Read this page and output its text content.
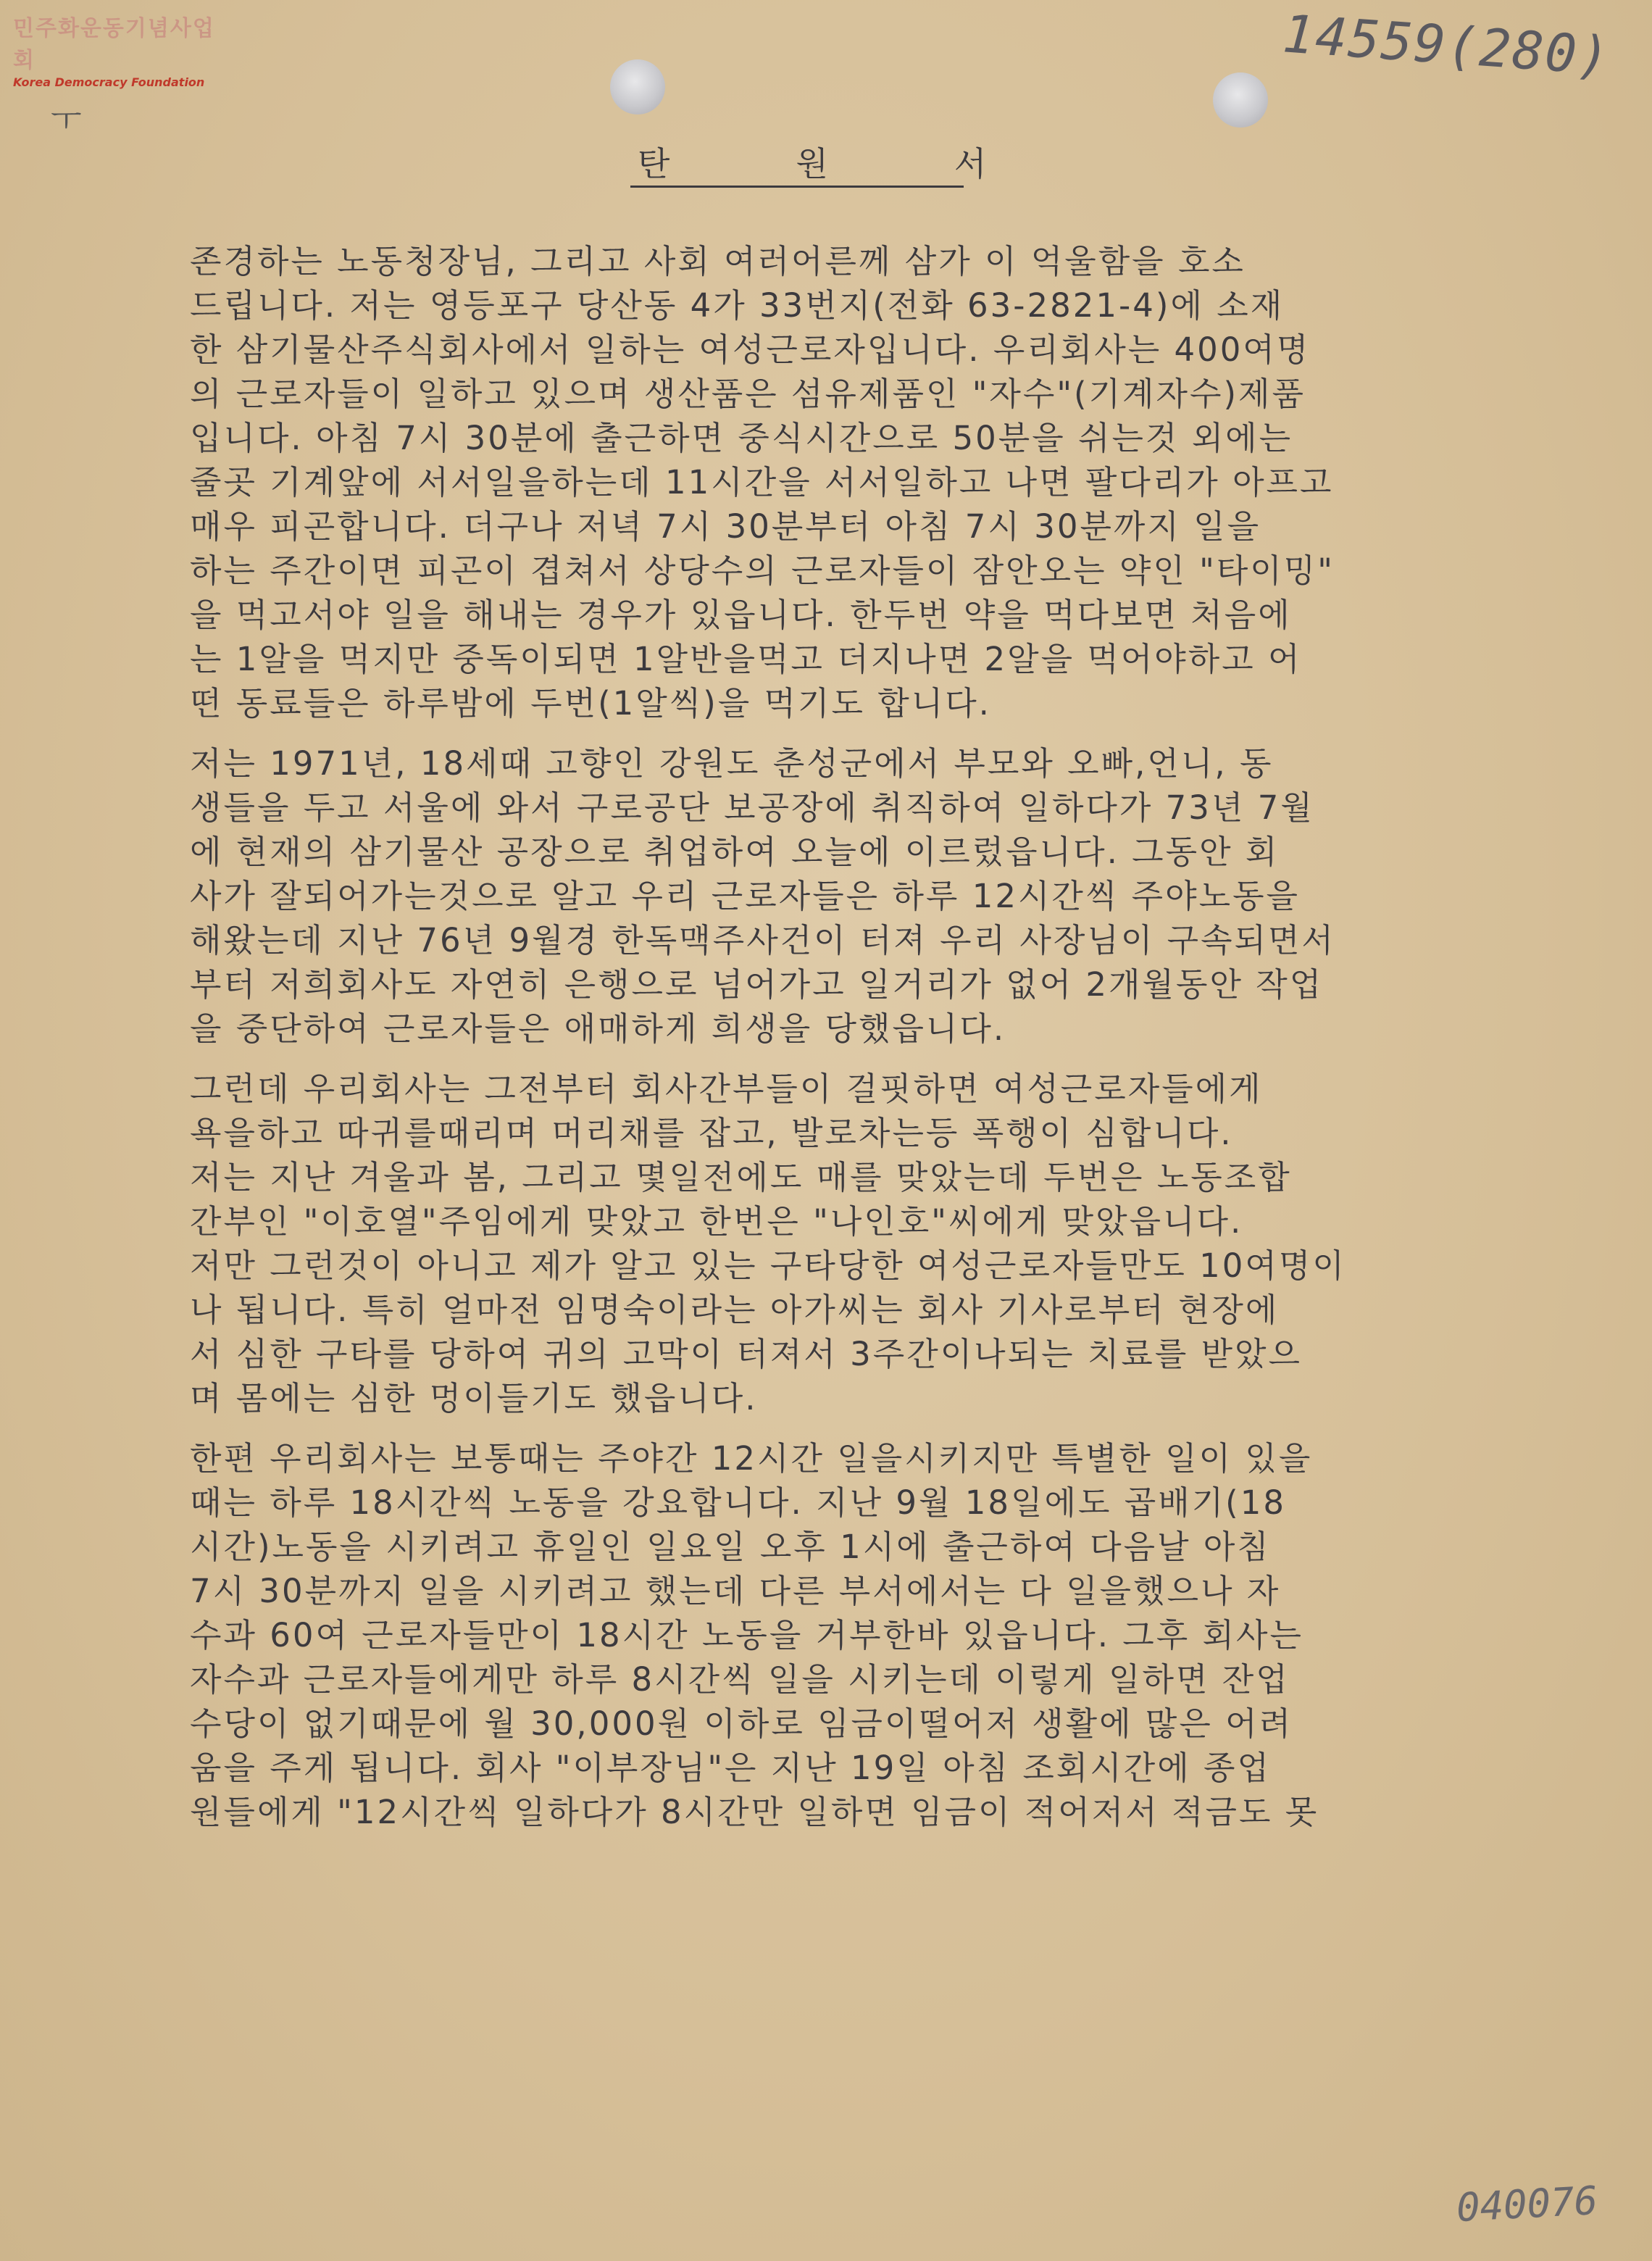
민주화운동기념사업회
Korea Democracy Foundation	14559(280)
ㅜ
탄	원	서
존경하는 노동청장님, 그리고 사회 여러어른께 삼가 이 억울함을 호소
드립니다. 저는 영등포구 당산동 4가 33번지(전화 63-2821-4)에 소재
한 삼기물산주식회사에서 일하는 여성근로자입니다. 우리회사는 400여명
의 근로자들이 일하고 있으며 생산품은 섬유제품인 "자수"(기계자수)제품
입니다. 아침 7시 30분에 출근하면 중식시간으로 50분을 쉬는것 외에는
줄곳 기계앞에 서서일을하는데 11시간을 서서일하고 나면 팔다리가 아프고
매우 피곤합니다. 더구나 저녁 7시 30분부터 아침 7시 30분까지 일을
하는 주간이면 피곤이 겹쳐서 상당수의 근로자들이 잠안오는 약인 "타이밍"
을 먹고서야 일을 해내는 경우가 있읍니다. 한두번 약을 먹다보면 처음에
는 1알을 먹지만 중독이되면 1알반을먹고 더지나면 2알을 먹어야하고 어
떤 동료들은 하루밤에 두번(1알씩)을 먹기도 합니다.
저는 1971년, 18세때 고향인 강원도 춘성군에서 부모와 오빠,언니, 동
생들을 두고 서울에 와서 구로공단 보공장에 취직하여 일하다가 73년 7월
에 현재의 삼기물산 공장으로 취업하여 오늘에 이르렀읍니다. 그동안 회
사가 잘되어가는것으로 알고 우리 근로자들은 하루 12시간씩 주야노동을
해왔는데 지난 76년 9월경 한독맥주사건이 터져 우리 사장님이 구속되면서
부터 저희회사도 자연히 은행으로 넘어가고 일거리가 없어 2개월동안 작업
을 중단하여 근로자들은 애매하게 희생을 당했읍니다.
그런데 우리회사는 그전부터 회사간부들이 걸핏하면 여성근로자들에게
욕을하고 따귀를때리며 머리채를 잡고, 발로차는등 폭행이 심합니다.
저는 지난 겨울과 봄, 그리고 몇일전에도 매를 맞았는데 두번은 노동조합
간부인 "이호열"주임에게 맞았고 한번은 "나인호"씨에게 맞았읍니다.
저만 그런것이 아니고 제가 알고 있는 구타당한 여성근로자들만도 10여명이
나 됩니다. 특히 얼마전 임명숙이라는 아가씨는 회사 기사로부터 현장에
서 심한 구타를 당하여 귀의 고막이 터져서 3주간이나되는 치료를 받았으
며 몸에는 심한 멍이들기도 했읍니다.
한편 우리회사는 보통때는 주야간 12시간 일을시키지만 특별한 일이 있을
때는 하루 18시간씩 노동을 강요합니다. 지난 9월 18일에도 곱배기(18
시간)노동을 시키려고 휴일인 일요일 오후 1시에 출근하여 다음날 아침
7시 30분까지 일을 시키려고 했는데 다른 부서에서는 다 일을했으나 자
수과 60여 근로자들만이 18시간 노동을 거부한바 있읍니다. 그후 회사는
자수과 근로자들에게만 하루 8시간씩 일을 시키는데 이렇게 일하면 잔업
수당이 없기때문에 월 30,000원 이하로 임금이떨어저 생활에 많은 어려
움을 주게 됩니다. 회사 "이부장님"은 지난 19일 아침 조회시간에 종업
원들에게 "12시간씩 일하다가 8시간만 일하면 임금이 적어저서 적금도 못
040076
